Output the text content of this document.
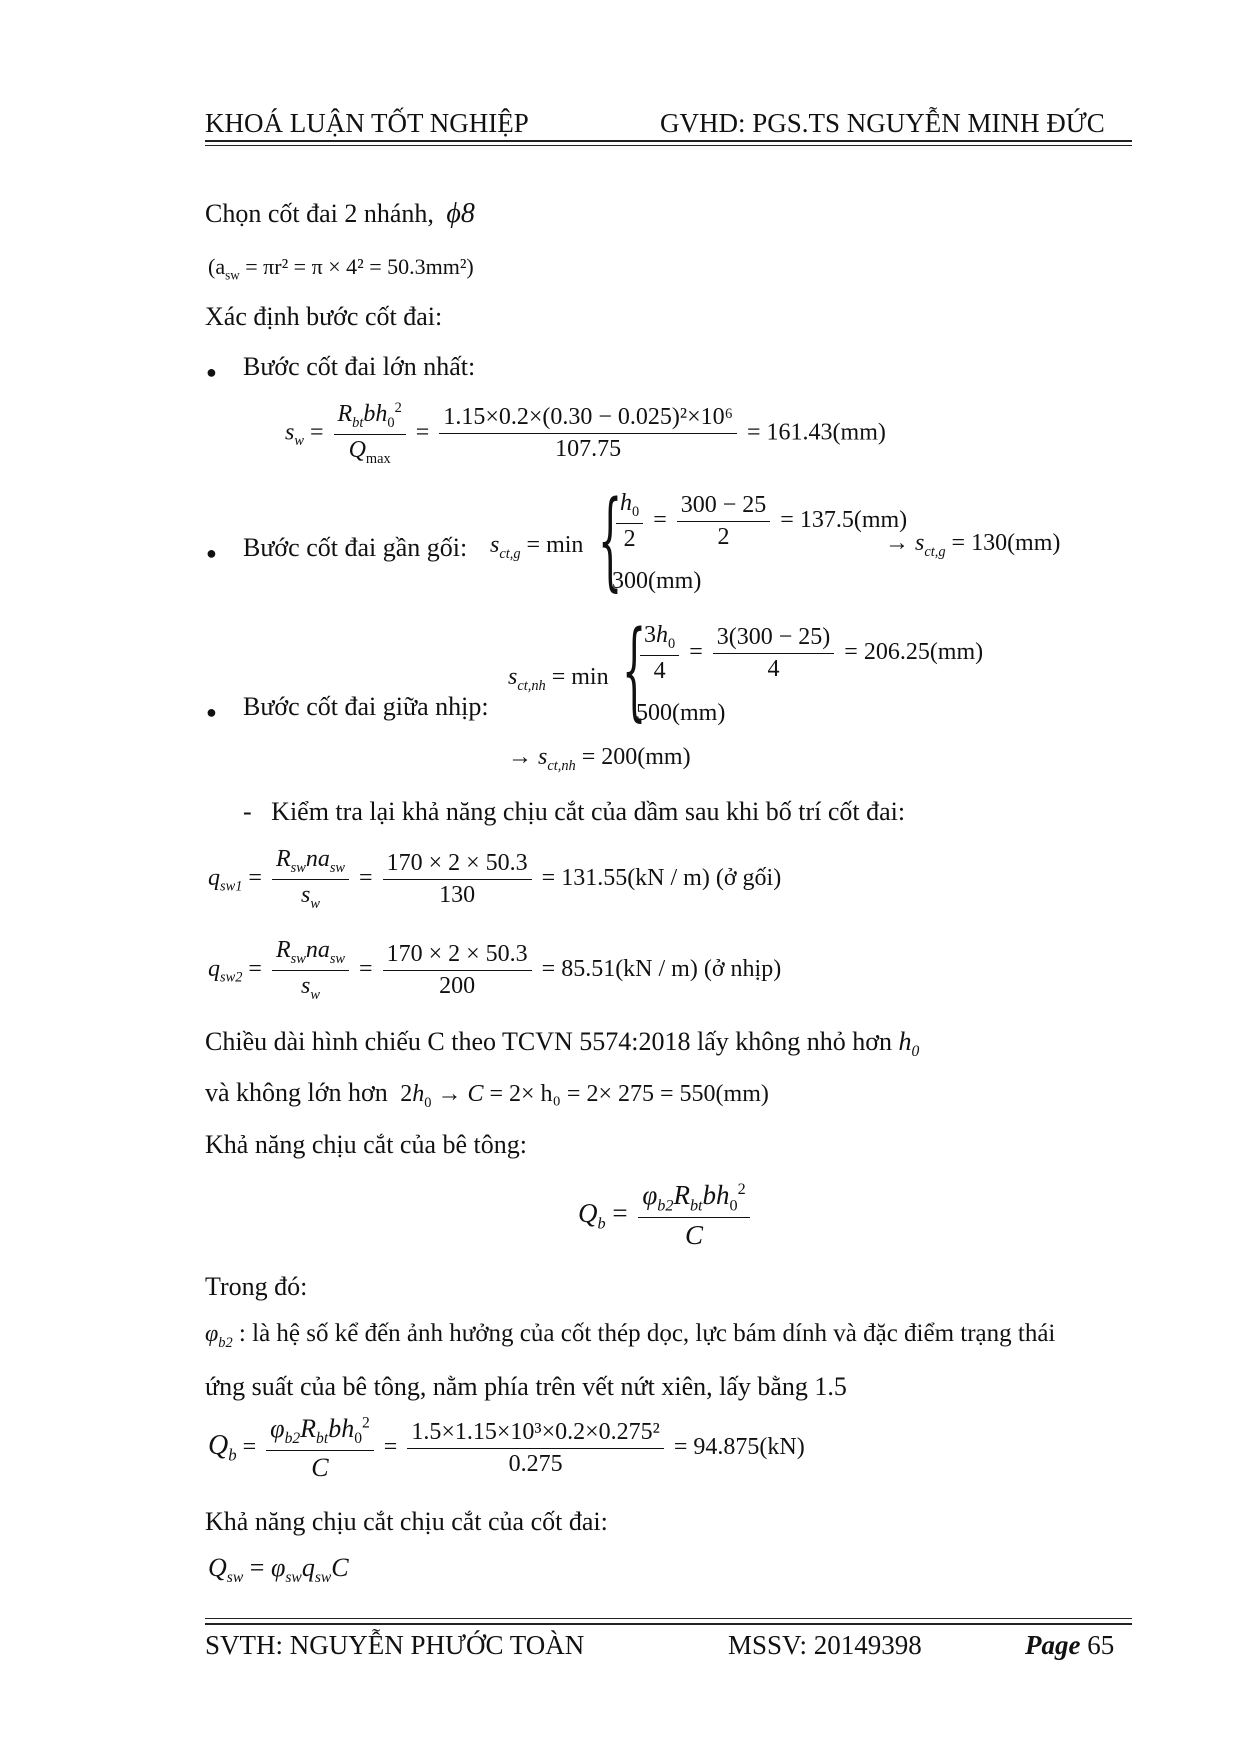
KHOÁ LUẬN TỐT NGHIỆP	GVHD: PGS.TS NGUYỄN MINH ĐỨC
Chọn cốt đai 2 nhánh, ϕ8
$(a_{sw} = \pi r^2 = \pi \times 4^2 = 50.3mm^2)$
Xác định bước cốt đai:
● Bước cốt đai lớn nhất:
$s_w = \frac{R_{bt}bh_0^2}{Q_{max}} = \frac{\text{1.15×0.2×(0.30 − 0.025)²×10⁶}}{107.75} = 161.43(mm)$
● Bước cốt đai gần gối: $s_{ct,g} = \min$ {
$\frac{h_0}{2} = \frac{300 - 25}{2} = 137.5(mm)$
300(mm)
→ $s_{ct,g} = 130(mm)$
● Bước cốt đai giữa nhịp:
$s_{ct,nh} = \min$ {
$\frac{3h_0}{4} = \frac{3(300 - 25)}{4} = 206.25(mm)$
500(mm)
→ $s_{ct,nh} = 200(mm)$
-   Kiểm tra lại khả năng chịu cắt của dầm sau khi bố trí cốt đai:
$q_{sw1} = \frac{R_{sw}na_{sw}}{s_w} = \frac{170 \times 2 \times 50.3}{130} = 131.55(kN / m)$ (ở gối)
$q_{sw2} = \frac{R_{sw}na_{sw}}{s_w} = \frac{170 \times 2 \times 50.3}{200} = 85.51(kN / m)$ (ở nhịp)
Chiều dài hình chiếu C theo TCVN 5574:2018 lấy không nhỏ hơn $h_0$
và không lớn hơn  $2h_0 \to C = 2\times h_0 = 2\times 275 = 550(mm)$
Khả năng chịu cắt của bê tông:
$Q_b = \frac{\varphi_{b2}R_{bt}bh_0^2}{C}$
Trong đó:
$\varphi_{b2}$ : là hệ số kể đến ảnh hưởng của cốt thép dọc, lực bám dính và đặc điểm trạng thái
ứng suất của bê tông, nằm phía trên vết nứt xiên, lấy bằng 1.5
$Q_b = \frac{\varphi_{b2}R_{bt}bh_0^2}{C} = \frac{\text{1.5×1.15×10³×0.2×0.275²}}{0.275} = 94.875(kN)$
Khả năng chịu cắt chịu cắt của cốt đai:
$Q_{sw} = \varphi_{sw}q_{sw}C$
SVTH: NGUYỄN PHƯỚC TOÀN	MSSV: 20149398	Page 65
